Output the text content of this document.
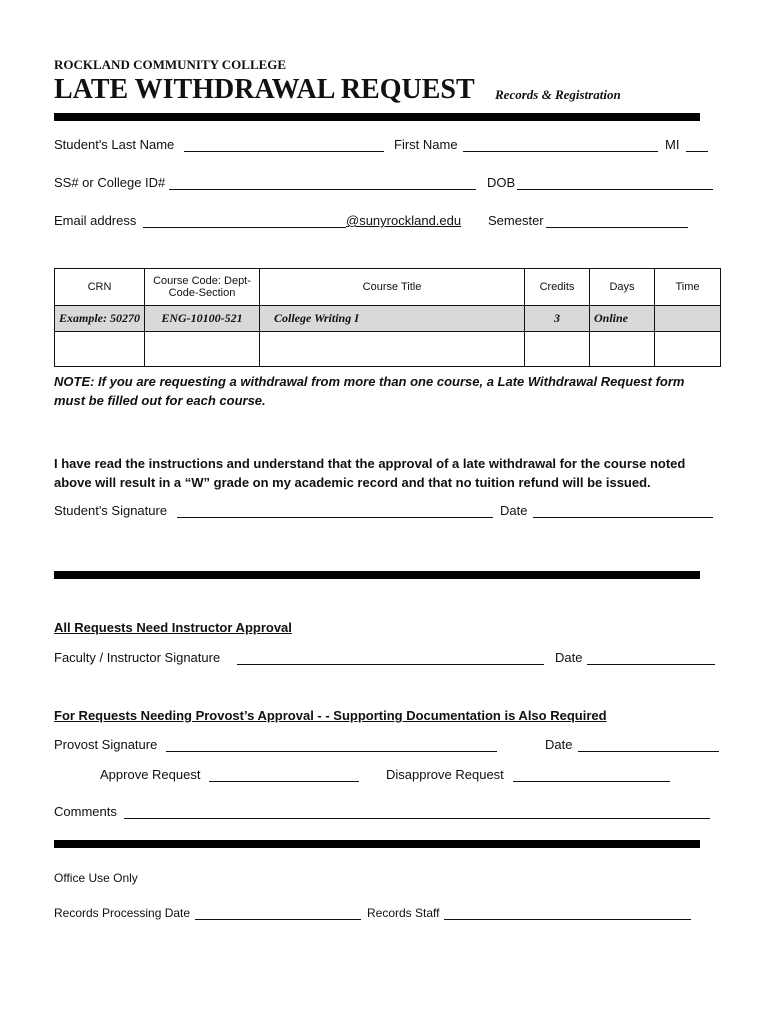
ROCKLAND COMMUNITY COLLEGE
LATE WITHDRAWAL REQUEST Records & Registration
Student's Last Name	First Name	MI
SS# or College ID#	DOB
Email address	@sunyrockland.edu Semester
CRN	Course Code: Dept-Code-Section	Course Title	Credits	Days	Time
Example: 50270	ENG-10100-521	College Writing I	3	Online	

NOTE: If you are requesting a withdrawal from more than one course, a Late Withdrawal Request form must be filled out for each course.
I have read the instructions and understand that the approval of a late withdrawal for the course noted above will result in a “W” grade on my academic record and that no tuition refund will be issued.
Student's Signature	Date
All Requests Need Instructor Approval
Faculty / Instructor Signature	Date
For Requests Needing Provost’s Approval - - Supporting Documentation is Also Required
Provost Signature	Date
Approve Request	Disapprove Request
Comments
Office Use Only
Records Processing Date	Records Staff
